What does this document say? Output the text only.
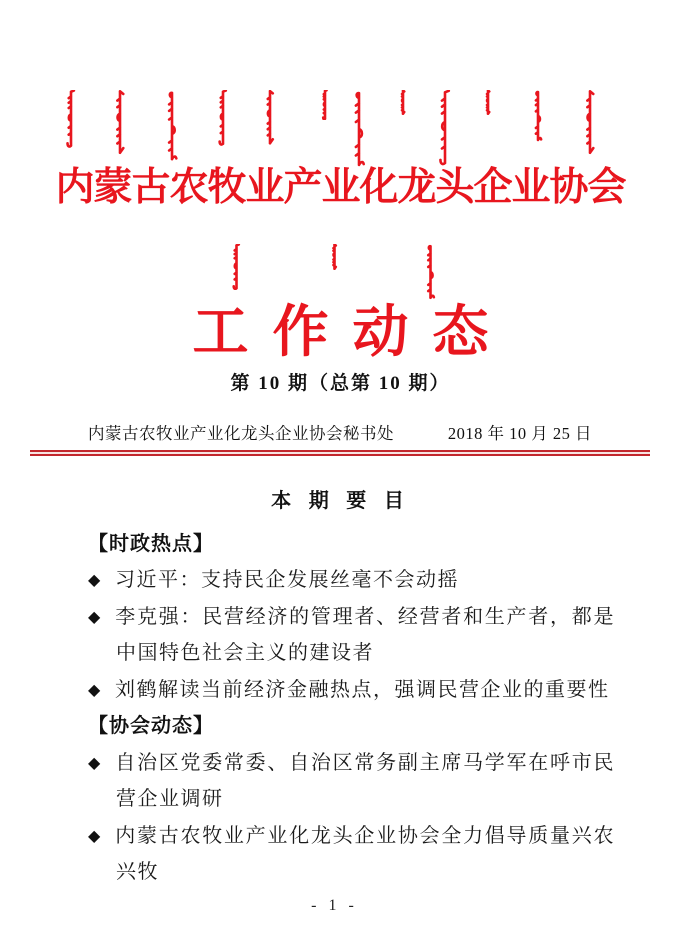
内蒙古农牧业产业化龙头企业协会
工作动态
第 10 期（总第 10 期）
内蒙古农牧业产业化龙头企业协会秘书处	2018 年 10 月 25 日
本 期 要 目
【时政热点】
◆ 习近平：支持民企发展丝毫不会动摇
◆ 李克强：民营经济的管理者、经营者和生产者，都是中国特色社会主义的建设者
◆ 刘鹤解读当前经济金融热点，强调民营企业的重要性
【协会动态】
◆ 自治区党委常委、自治区常务副主席马学军在呼市民营企业调研
◆ 内蒙古农牧业产业化龙头企业协会全力倡导质量兴农兴牧
- 1 -
